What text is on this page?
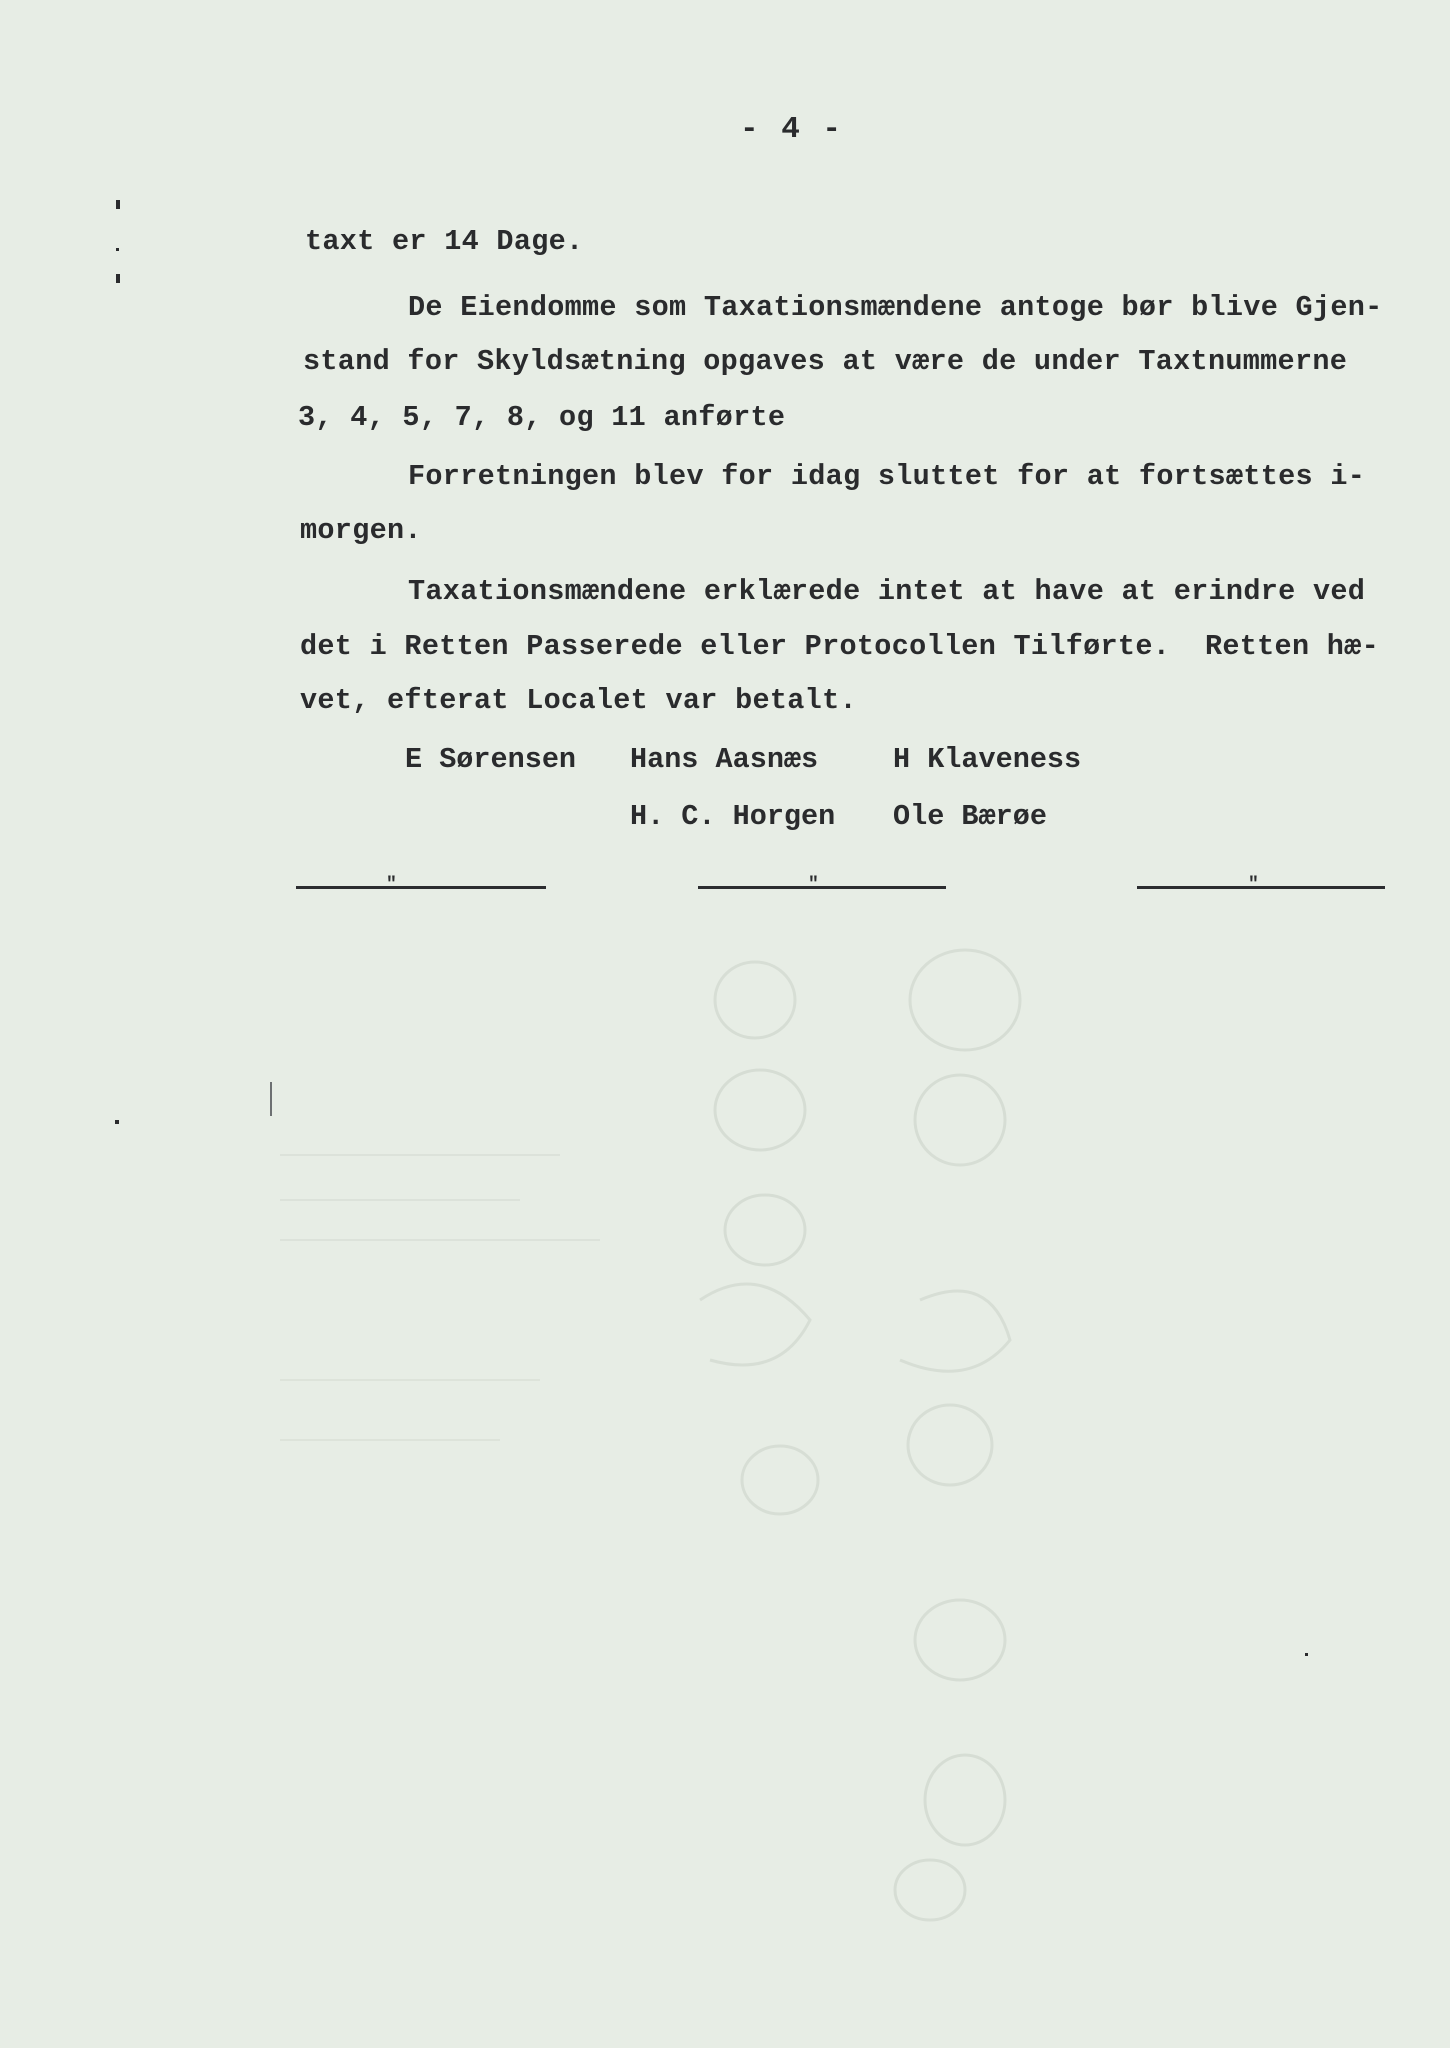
- 4 -
taxt er 14 Dage.
De Eiendomme som Taxationsmændene antoge bør blive Gjen-
stand for Skyldsætning opgaves at være de under Taxtnummerne
3, 4, 5, 7, 8, og 11 anførte
Forretningen blev for idag sluttet for at fortsættes i-
morgen.
Taxationsmændene erklærede intet at have at erindre ved
det i Retten Passerede eller Protocollen Tilførte.  Retten hæ-
vet, efterat Localet var betalt.
E Sørensen Hans Aasnæs	H Klaveness
H. C. Horgen Ole Bærøe
"	"	"
